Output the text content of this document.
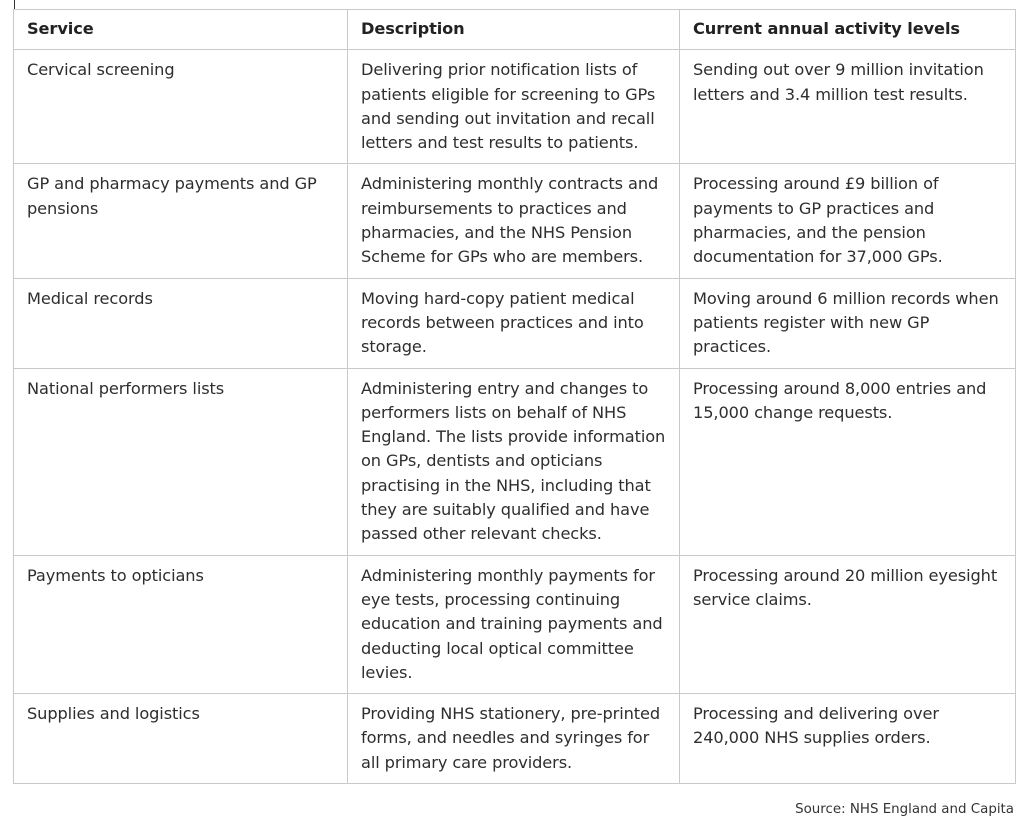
Service	Description	Current annual activity levels
Cervical screening	Delivering prior notification lists of patients eligible for screening to GPs and sending out invitation and recall letters and test results to patients.	Sending out over 9 million invitation letters and 3.4 million test results.
GP and pharmacy payments and GP pensions	Administering monthly contracts and reimbursements to practices and pharmacies, and the NHS Pension Scheme for GPs who are members.	Processing around £9 billion of payments to GP practices and pharmacies, and the pension documentation for 37,000 GPs.
Medical records	Moving hard-copy patient medical records between practices and into storage.	Moving around 6 million records when patients register with new GP practices.
National performers lists	Administering entry and changes to performers lists on behalf of NHS England. The lists provide information on GPs, dentists and opticians practising in the NHS, including that they are suitably qualified and have passed other relevant checks.	Processing around 8,000 entries and 15,000 change requests.
Payments to opticians	Administering monthly payments for eye tests, processing continuing education and training payments and deducting local optical committee levies.	Processing around 20 million eyesight service claims.
Supplies and logistics	Providing NHS stationery, pre-printed forms, and needles and syringes for all primary care providers.	Processing and delivering over 240,000 NHS supplies orders.
Source: NHS England and Capita
